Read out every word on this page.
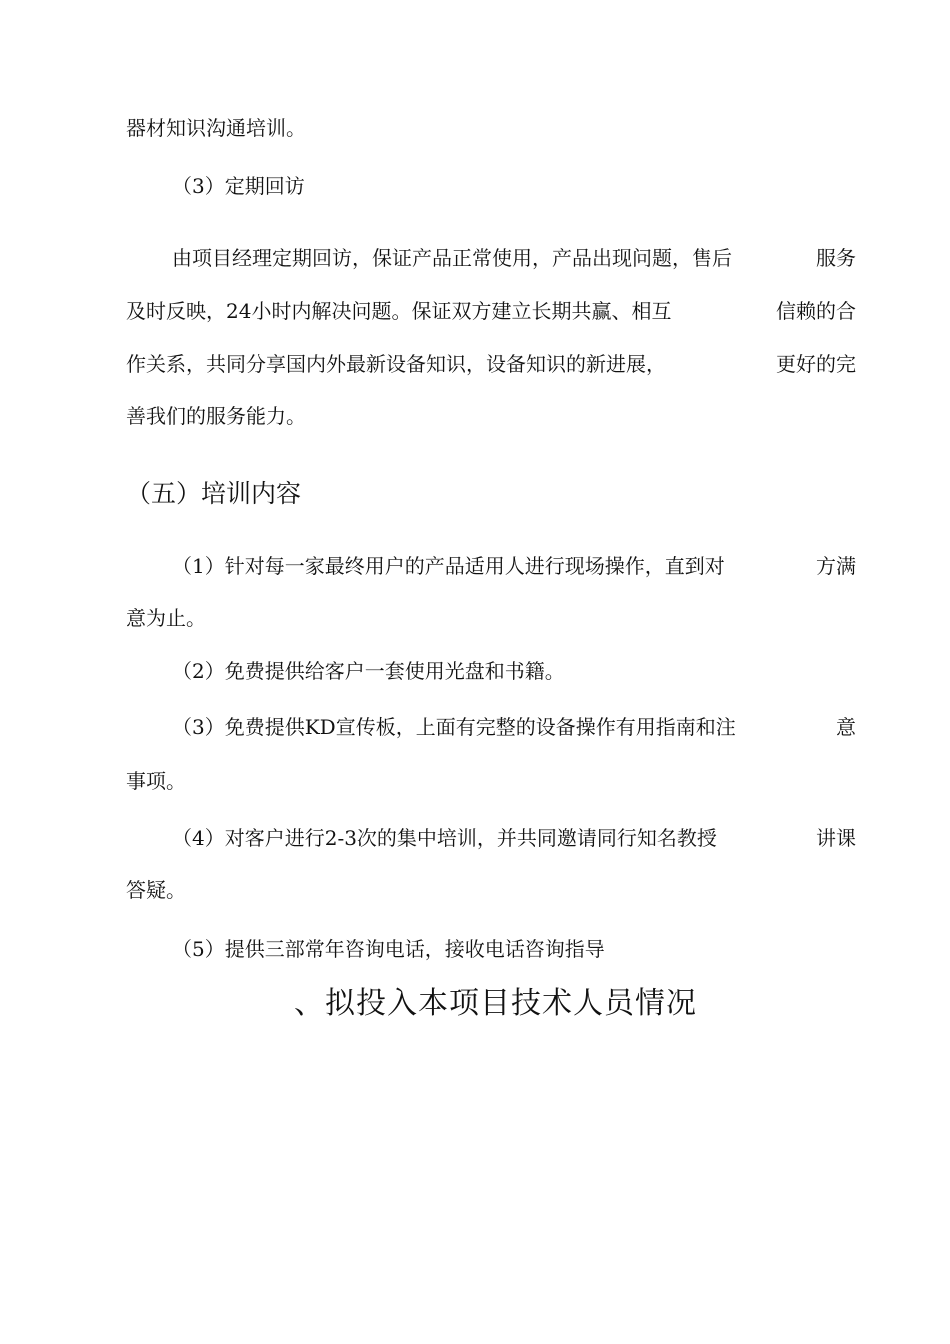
器材知识沟通培训。
（3）定期回访
由项目经理定期回访，保证产品正常使用，产品出现问题，售后	服务
及时反映，24小时内解决问题。保证双方建立长期共赢、相互	信赖的合
作关系，共同分享国内外最新设备知识，设备知识的新进展，	更好的完
善我们的服务能力。
（五）培训内容
（1）针对每一家最终用户的产品适用人进行现场操作，直到对	方满
意为止。
（2）免费提供给客户一套使用光盘和书籍。
（3）免费提供KD宣传板，上面有完整的设备操作有用指南和注	意
事项。
（4）对客户进行2-3次的集中培训，并共同邀请同行知名教授	讲课
答疑。
（5）提供三部常年咨询电话，接收电话咨询指导
、拟投入本项目技术人员情况
